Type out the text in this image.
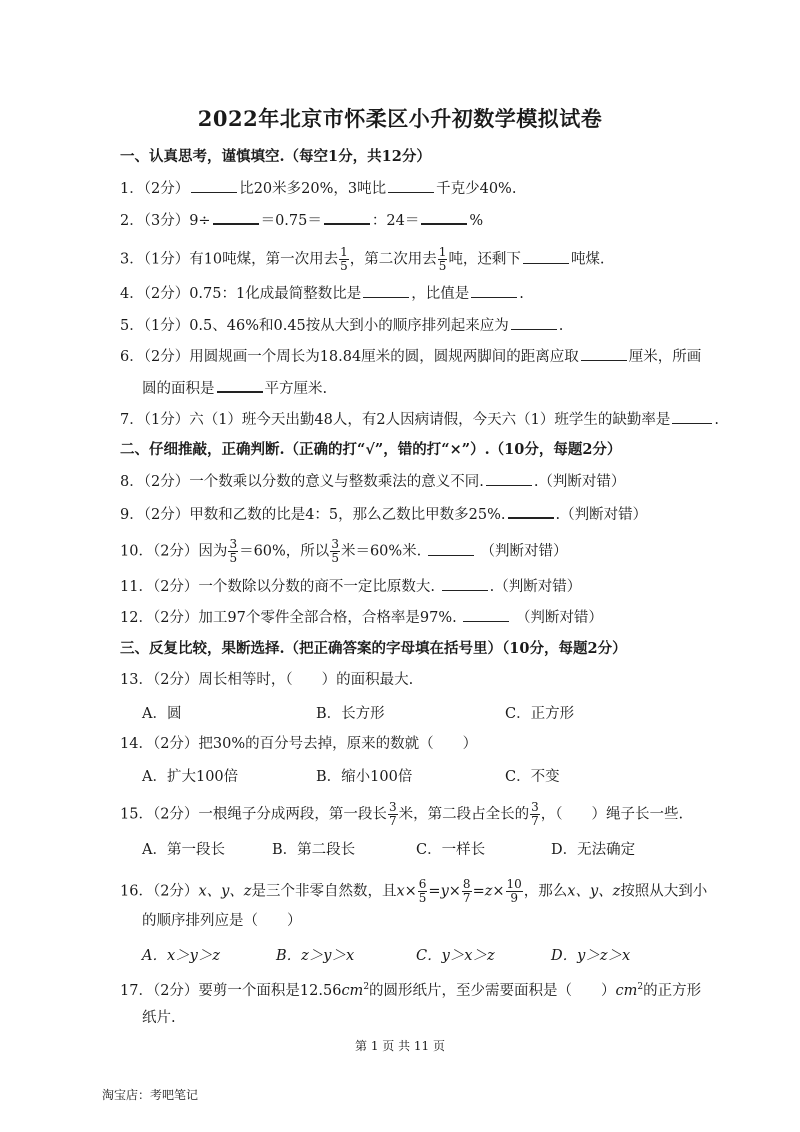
2022年北京市怀柔区小升初数学模拟试卷
一、认真思考，谨慎填空.（每空1分，共12分）
1．（2分）	比20米多20%，3吨比	千克少40%.
2．（3分）9÷	＝0.75＝	：24＝	%
3．（1分）有10吨煤，第一次用去 $\frac{1}{5}$ ，第二次用去 $\frac{1}{5}$ 吨，还剩下	吨煤.
4．（2分）0.75：1化成最简整数比是	，比值是	.
5．（1分）0.5、46%和0.45按从大到小的顺序排列起来应为	.
6．（2分）用圆规画一个周长为18.84厘米的圆，圆规两脚间的距离应取	厘米，所画
圆的面积是	平方厘米.
7．（1分）六（1）班今天出勤48人，有2人因病请假，今天六（1）班学生的缺勤率是	.
二、仔细推敲，正确判断.（正确的打“√”，错的打“×”）.（10分，每题2分）
8．（2分）一个数乘以分数的意义与整数乘法的意义不同.	.（判断对错）
9．（2分）甲数和乙数的比是4：5，那么乙数比甲数多25%.	.（判断对错）
10．（2分）因为 $\frac{3}{5} =60\%$，所以 $\frac{3}{5}$ 米＝60%米.	（判断对错）
11．（2分）一个数除以分数的商不一定比原数大.	.（判断对错）
12．（2分）加工97个零件全部合格，合格率是97%.	（判断对错）
三、反复比较，果断选择.（把正确答案的字母填在括号里）（10分，每题2分）
13．（2分）周长相等时，（　　）的面积最大.
A．圆	B．长方形	C．正方形
14．（2分）把30%的百分号去掉，原来的数就（　　）
A．扩大100倍	B．缩小100倍	C．不变
15．（2分）一根绳子分成两段，第一段长 $\frac{3}{7}$ 米，第二段占全长的 $\frac{3}{7}$ ，（　　）绳子长一些.
A．第一段长	B．第二段长	C．一样长	D．无法确定
16．（2分）x、y、z是三个非零自然数，且$x\times \frac{6}{5} =y\times \frac{8}{7} =z\times \frac{10}{9}$ ，那么x、y、z按照从大到小
的顺序排列应是（　　）
A．x＞y＞z	B．z＞y＞x	C．y＞x＞z	D．y＞z＞x
17．（2分）要剪一个面积是$12.56cm^2$的圆形纸片，至少需要面积是（　　）$cm^2$的正方形
纸片.
第 1 页 共 11 页
淘宝店：考吧笔记
